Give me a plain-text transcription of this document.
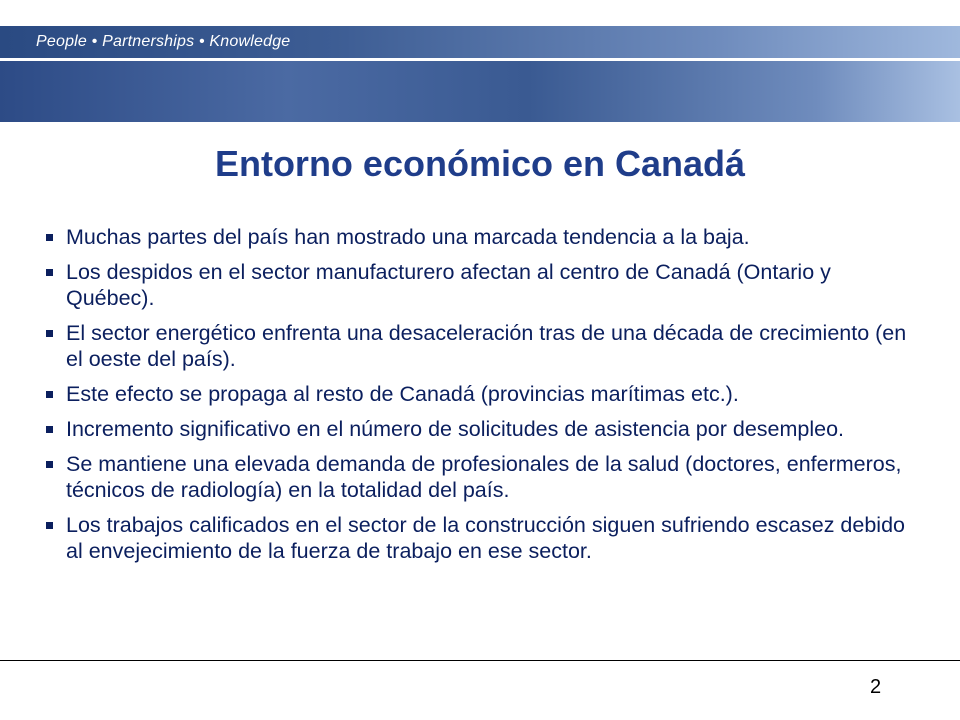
People • Partnerships • Knowledge
Entorno económico en Canadá
Muchas partes del país han mostrado una marcada tendencia a la baja.
Los despidos en el sector manufacturero afectan al centro de Canadá (Ontario y Québec).
El sector energético enfrenta una desaceleración tras de una década de crecimiento (en el oeste del país).
Este efecto se propaga al resto de Canadá (provincias marítimas etc.).
Incremento significativo en el número de solicitudes de asistencia por desempleo.
Se mantiene una elevada demanda de profesionales de la salud (doctores, enfermeros, técnicos de radiología) en la totalidad del país.
Los trabajos calificados en el sector de la construcción siguen sufriendo escasez debido al envejecimiento de la fuerza de trabajo en ese sector.
2
